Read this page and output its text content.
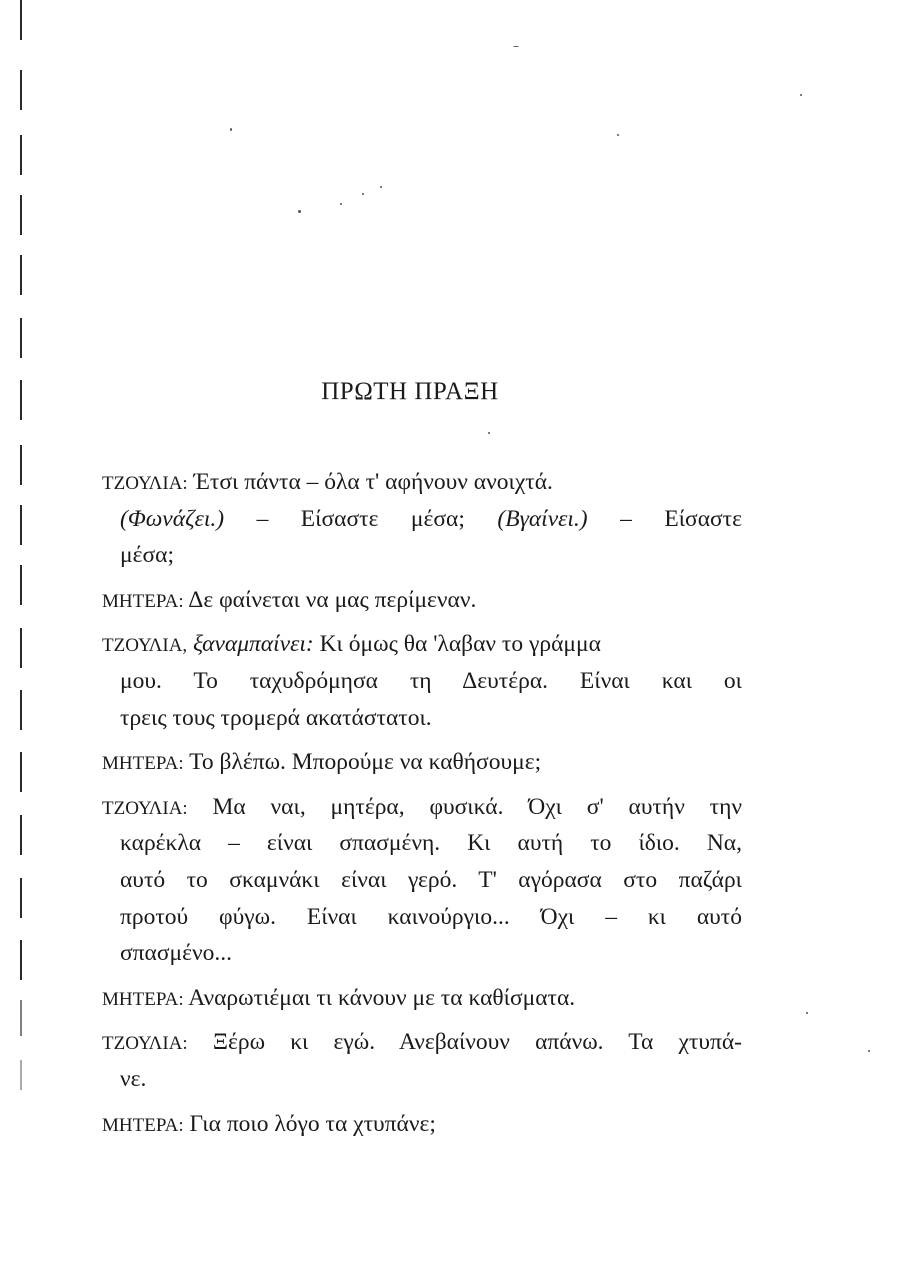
ΠΡΩΤΗ ΠΡΑΞΗ
ΤΖΟΥΛΙΑ: Έτσι πάντα – όλα τ' αφήνουν ανοιχτά.
(Φωνάζει.) – Είσαστε μέσα; (Βγαίνει.) – Είσαστε
μέσα;
ΜΗΤΕΡΑ: Δε φαίνεται να μας περίμεναν.
ΤΖΟΥΛΙΑ, ξαναμπαίνει: Κι όμως θα 'λαβαν το γράμμα
μου. Το ταχυδρόμησα τη Δευτέρα. Είναι και οι
τρεις τους τρομερά ακατάστατοι.
ΜΗΤΕΡΑ: Το βλέπω. Μπορούμε να καθήσουμε;
ΤΖΟΥΛΙΑ: Μα ναι, μητέρα, φυσικά. Όχι σ' αυτήν την
καρέκλα – είναι σπασμένη. Κι αυτή το ίδιο. Να,
αυτό το σκαμνάκι είναι γερό. Τ' αγόρασα στο παζάρι
προτού φύγω. Είναι καινούργιο... Όχι – κι αυτό
σπασμένο...
ΜΗΤΕΡΑ: Αναρωτιέμαι τι κάνουν με τα καθίσματα.
ΤΖΟΥΛΙΑ: Ξέρω κι εγώ. Ανεβαίνουν απάνω. Τα χτυπά-
νε.
ΜΗΤΕΡΑ: Για ποιο λόγο τα χτυπάνε;
